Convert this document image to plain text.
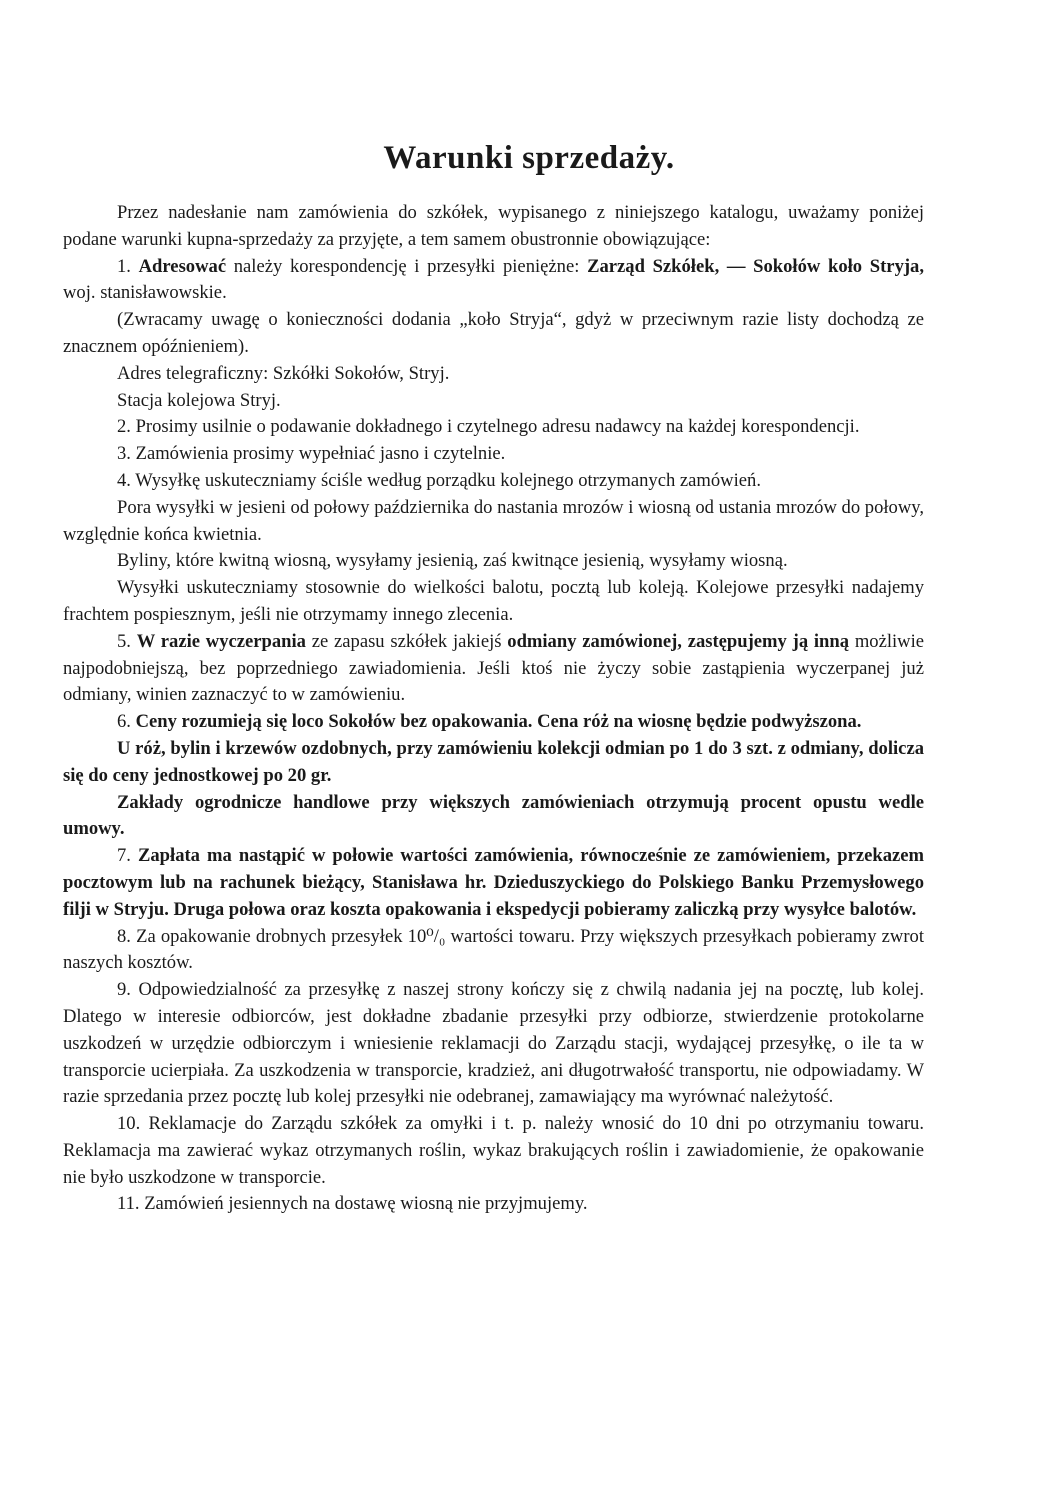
Warunki sprzedaży.

Przez nadesłanie nam zamówienia do szkółek, wypisanego z niniejszego katalogu, uważamy poniżej podane warunki kupna-sprzedaży za przyjęte, a tem samem obustronnie obowiązujące:

1. Adresować należy korespondencję i przesyłki pieniężne: Zarząd Szkółek, — Sokołów koło Stryja, woj. stanisławowskie.

(Zwracamy uwagę o konieczności dodania „koło Stryja“, gdyż w przeciwnym razie listy dochodzą ze znacznem opóźnieniem).

Adres telegraficzny: Szkółki Sokołów, Stryj.

Stacja kolejowa Stryj.

2. Prosimy usilnie o podawanie dokładnego i czytelnego adresu nadawcy na każdej korespondencji.

3. Zamówienia prosimy wypełniać jasno i czytelnie.

4. Wysyłkę uskuteczniamy ściśle według porządku kolejnego otrzymanych zamówień.

Pora wysyłki w jesieni od połowy października do nastania mrozów i wiosną od ustania mrozów do połowy, względnie końca kwietnia.

Byliny, które kwitną wiosną, wysyłamy jesienią, zaś kwitnące jesienią, wysyłamy wiosną.

Wysyłki uskuteczniamy stosownie do wielkości balotu, pocztą lub koleją. Kolejowe przesyłki nadajemy frachtem pospiesznym, jeśli nie otrzymamy innego zlecenia.

5. W razie wyczerpania ze zapasu szkółek jakiejś odmiany zamówionej, zastępujemy ją inną możliwie najpodobniejszą, bez poprzedniego zawiadomienia. Jeśli ktoś nie życzy sobie zastąpienia wyczerpanej już odmiany, winien zaznaczyć to w zamówieniu.

6. Ceny rozumieją się loco Sokołów bez opakowania. Cena róż na wiosnę będzie podwyższona.

U róż, bylin i krzewów ozdobnych, przy zamówieniu kolekcji odmian po 1 do 3 szt. z odmiany, dolicza się do ceny jednostkowej po 20 gr.

Zakłady ogrodnicze handlowe przy większych zamówieniach otrzymują procent opustu wedle umowy.

7. Zapłata ma nastąpić w połowie wartości zamówienia, równocześnie ze zamówieniem, przekazem pocztowym lub na rachunek bieżący, Stanisława hr. Dzieduszyckiego do Polskiego Banku Przemysłowego filji w Stryju. Druga połowa oraz koszta opakowania i ekspedycji pobieramy zaliczką przy wysyłce balotów.

8. Za opakowanie drobnych przesyłek 10⁰/₀ wartości towaru. Przy większych przesyłkach pobieramy zwrot naszych kosztów.

9. Odpowiedzialność za przesyłkę z naszej strony kończy się z chwilą nadania jej na pocztę, lub kolej. Dlatego w interesie odbiorców, jest dokładne zbadanie przesyłki przy odbiorze, stwierdzenie protokolarne uszkodzeń w urzędzie odbiorczym i wniesienie reklamacji do Zarządu stacji, wydającej przesyłkę, o ile ta w transporcie ucierpiała. Za uszkodzenia w transporcie, kradzież, ani długotrwałość transportu, nie odpowiadamy. W razie sprzedania przez pocztę lub kolej przesyłki nie odebranej, zamawiający ma wyrównać należytość.

10. Reklamacje do Zarządu szkółek za omyłki i t. p. należy wnosić do 10 dni po otrzymaniu towaru. Reklamacja ma zawierać wykaz otrzymanych roślin, wykaz brakujących roślin i zawiadomienie, że opakowanie nie było uszkodzone w transporcie.

11. Zamówień jesiennych na dostawę wiosną nie przyjmujemy.
